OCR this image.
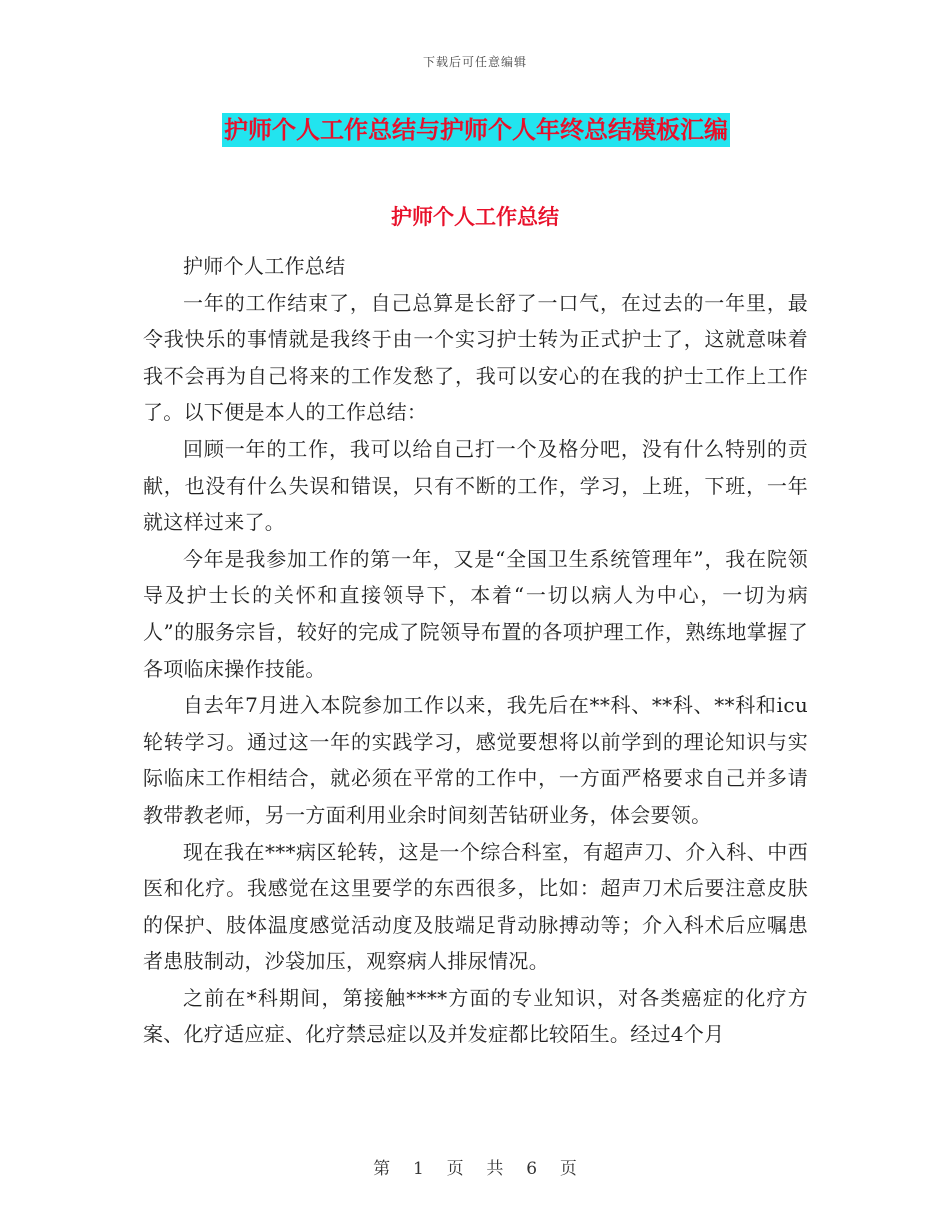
下载后可任意编辑
护师个人工作总结与护师个人年终总结模板汇编
护师个人工作总结

护师个人工作总结

一年的工作结束了，自己总算是长舒了一口气，在过去的一年里，最令我快乐的事情就是我终于由一个实习护士转为正式护士了，这就意味着我不会再为自己将来的工作发愁了，我可以安心的在我的护士工作上工作了。以下便是本人的工作总结：

回顾一年的工作，我可以给自己打一个及格分吧，没有什么特别的贡献，也没有什么失误和错误，只有不断的工作，学习，上班，下班，一年就这样过来了。

今年是我参加工作的第一年，又是“全国卫生系统管理年”，我在院领导及护士长的关怀和直接领导下，本着“一切以病人为中心，一切为病人”的服务宗旨，较好的完成了院领导布置的各项护理工作，熟练地掌握了各项临床操作技能。

自去年7月进入本院参加工作以来，我先后在**科、**科、**科和icu轮转学习。通过这一年的实践学习，感觉要想将以前学到的理论知识与实际临床工作相结合，就必须在平常的工作中，一方面严格要求自己并多请教带教老师，另一方面利用业余时间刻苦钻研业务，体会要领。

现在我在***病区轮转，这是一个综合科室，有超声刀、介入科、中西医和化疗。我感觉在这里要学的东西很多，比如：超声刀术后要注意皮肤的保护、肢体温度感觉活动度及肢端足背动脉搏动等；介入科术后应嘱患者患肢制动，沙袋加压，观察病人排尿情况。

之前在*科期间，第接触****方面的专业知识，对各类癌症的化疗方案、化疗适应症、化疗禁忌症以及并发症都比较陌生。经过4个月

第 1 页 共 6 页
